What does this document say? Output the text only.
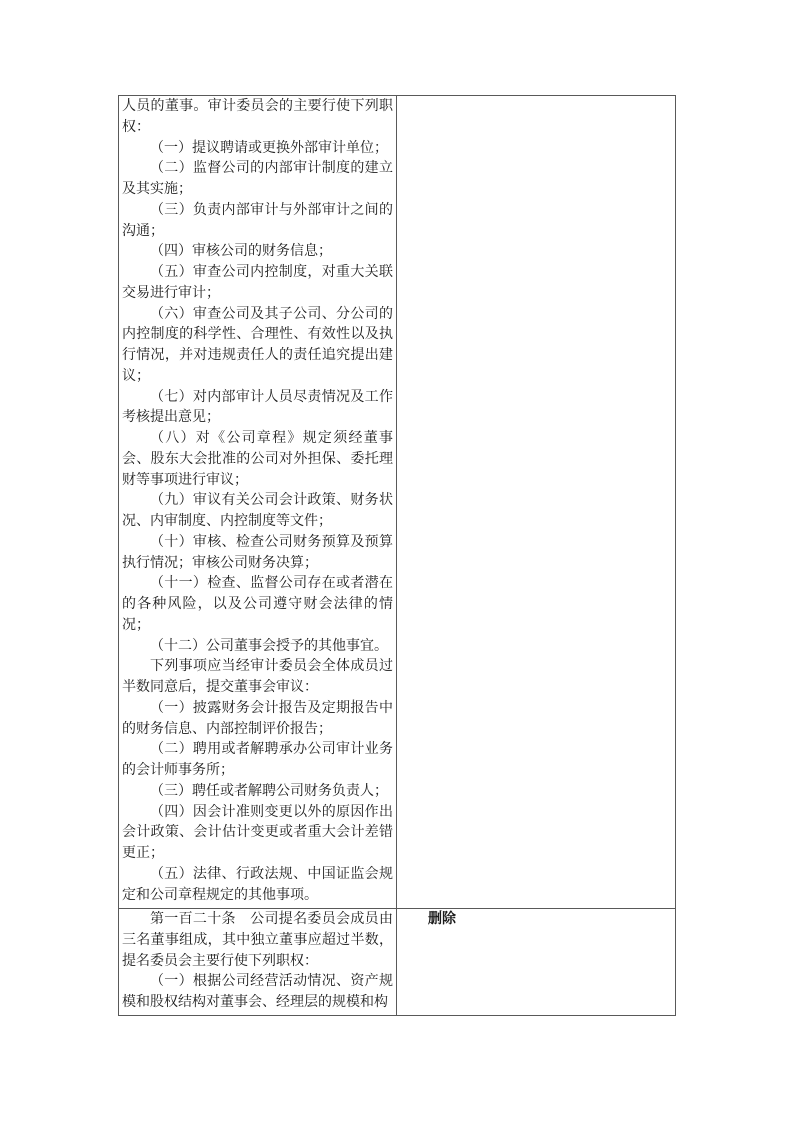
人员的董事。审计委员会的主要行使下列职权：

（一）提议聘请或更换外部审计单位；

（二）监督公司的内部审计制度的建立及其实施；

（三）负责内部审计与外部审计之间的沟通；

（四）审核公司的财务信息；

（五）审查公司内控制度，对重大关联交易进行审计；

（六）审查公司及其子公司、分公司的内控制度的科学性、合理性、有效性以及执行情况，并对违规责任人的责任追究提出建议；

（七）对内部审计人员尽责情况及工作考核提出意见；

（八）对《公司章程》规定须经董事会、股东大会批准的公司对外担保、委托理财等事项进行审议；

（九）审议有关公司会计政策、财务状况、内审制度、内控制度等文件；

（十）审核、检查公司财务预算及预算执行情况；审核公司财务决算；

（十一）检查、监督公司存在或者潜在的各种风险，以及公司遵守财会法律的情况；

（十二）公司董事会授予的其他事宜。

下列事项应当经审计委员会全体成员过半数同意后，提交董事会审议：

（一）披露财务会计报告及定期报告中的财务信息、内部控制评价报告；

（二）聘用或者解聘承办公司审计业务的会计师事务所；

（三）聘任或者解聘公司财务负责人；

（四）因会计准则变更以外的原因作出会计政策、会计估计变更或者重大会计差错更正；

（五）法律、行政法规、中国证监会规定和公司章程规定的其他事项。

第一百二十条　公司提名委员会成员由三名董事组成，其中独立董事应超过半数，提名委员会主要行使下列职权：

（一）根据公司经营活动情况、资产规模和股权结构对董事会、经理层的规模和构	删除
